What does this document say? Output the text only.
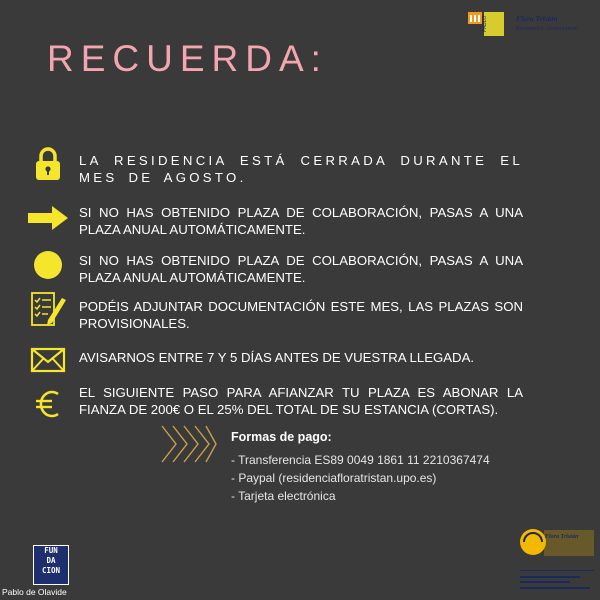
RECUERDA:
PABLO	Flora Tristán
Residencia Universitaria
LA RESIDENCIA ESTÁ CERRADA DURANTE EL MES DE AGOSTO.
SI NO HAS OBTENIDO PLAZA DE COLABORACIÓN, PASAS A UNA PLAZA ANUAL AUTOMÁTICAMENTE.
SI NO HAS OBTENIDO PLAZA DE COLABORACIÓN, PASAS A UNA PLAZA ANUAL AUTOMÁTICAMENTE.
PODÉIS ADJUNTAR DOCUMENTACIÓN ESTE MES, LAS PLAZAS SON PROVISIONALES.
AVISARNOS ENTRE 7 Y 5 DÍAS ANTES DE VUESTRA LLEGADA.
EL SIGUIENTE PASO PARA AFIANZAR TU PLAZA ES ABONAR LA FIANZA DE 200€ O EL 25% DEL TOTAL DE SU ESTANCIA (CORTAS).
Formas de pago:
- Transferencia ES89 0049 1861 11 2210367474
- Paypal (residenciafloratristan.upo.es)
- Tarjeta electrónica
FUN
DA
CION
Pablo de Olavide
Flora Tristán
